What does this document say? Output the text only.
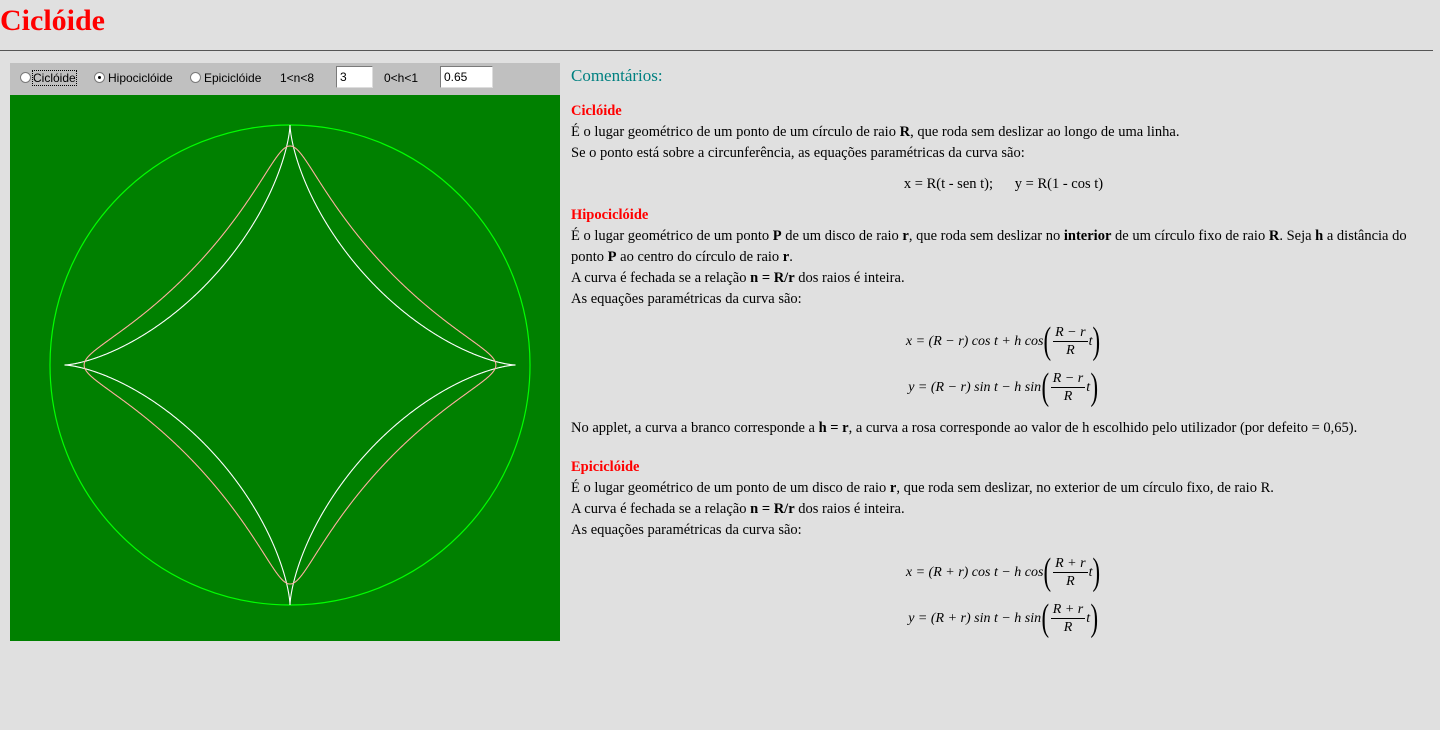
Ciclóide
Ciclóide	Hipociclóide	Epiciclóide 1<n<8	3	0<h<1	0.65	Comentários:
Ciclóide

É o lugar geométrico de um ponto de um círculo de raio R, que roda sem deslizar ao longo de uma linha.

Se o ponto está sobre a circunferência, as equações paramétricas da curva são:

x = R(t - sen t);      y = R(1 - cos t)
Hipociclóide

É o lugar geométrico de um ponto P de um disco de raio r, que roda sem deslizar no interior de um círculo fixo de raio R. Seja h a distância do ponto P ao centro do círculo de raio r.

A curva é fechada se a relação n = R/r dos raios é inteira.

As equações paramétricas da curva são:

x = (R − r) cos t + h cos ( $\frac{R - r}{R}$ t )
y = (R − r) sin t − h sin ( $\frac{R - r}{R}$ t )

No applet, a curva a branco corresponde a h = r, a curva a rosa corresponde ao valor de h escolhido pelo utilizador (por defeito = 0,65).

Epiciclóide

É o lugar geométrico de um ponto de um disco de raio r, que roda sem deslizar, no exterior de um círculo fixo, de raio R.

A curva é fechada se a relação n = R/r dos raios é inteira.

As equações paramétricas da curva são:

x = (R + r) cos t − h cos ( $\frac{R + r}{R}$ t )
y = (R + r) sin t − h sin ( $\frac{R + r}{R}$ t )
